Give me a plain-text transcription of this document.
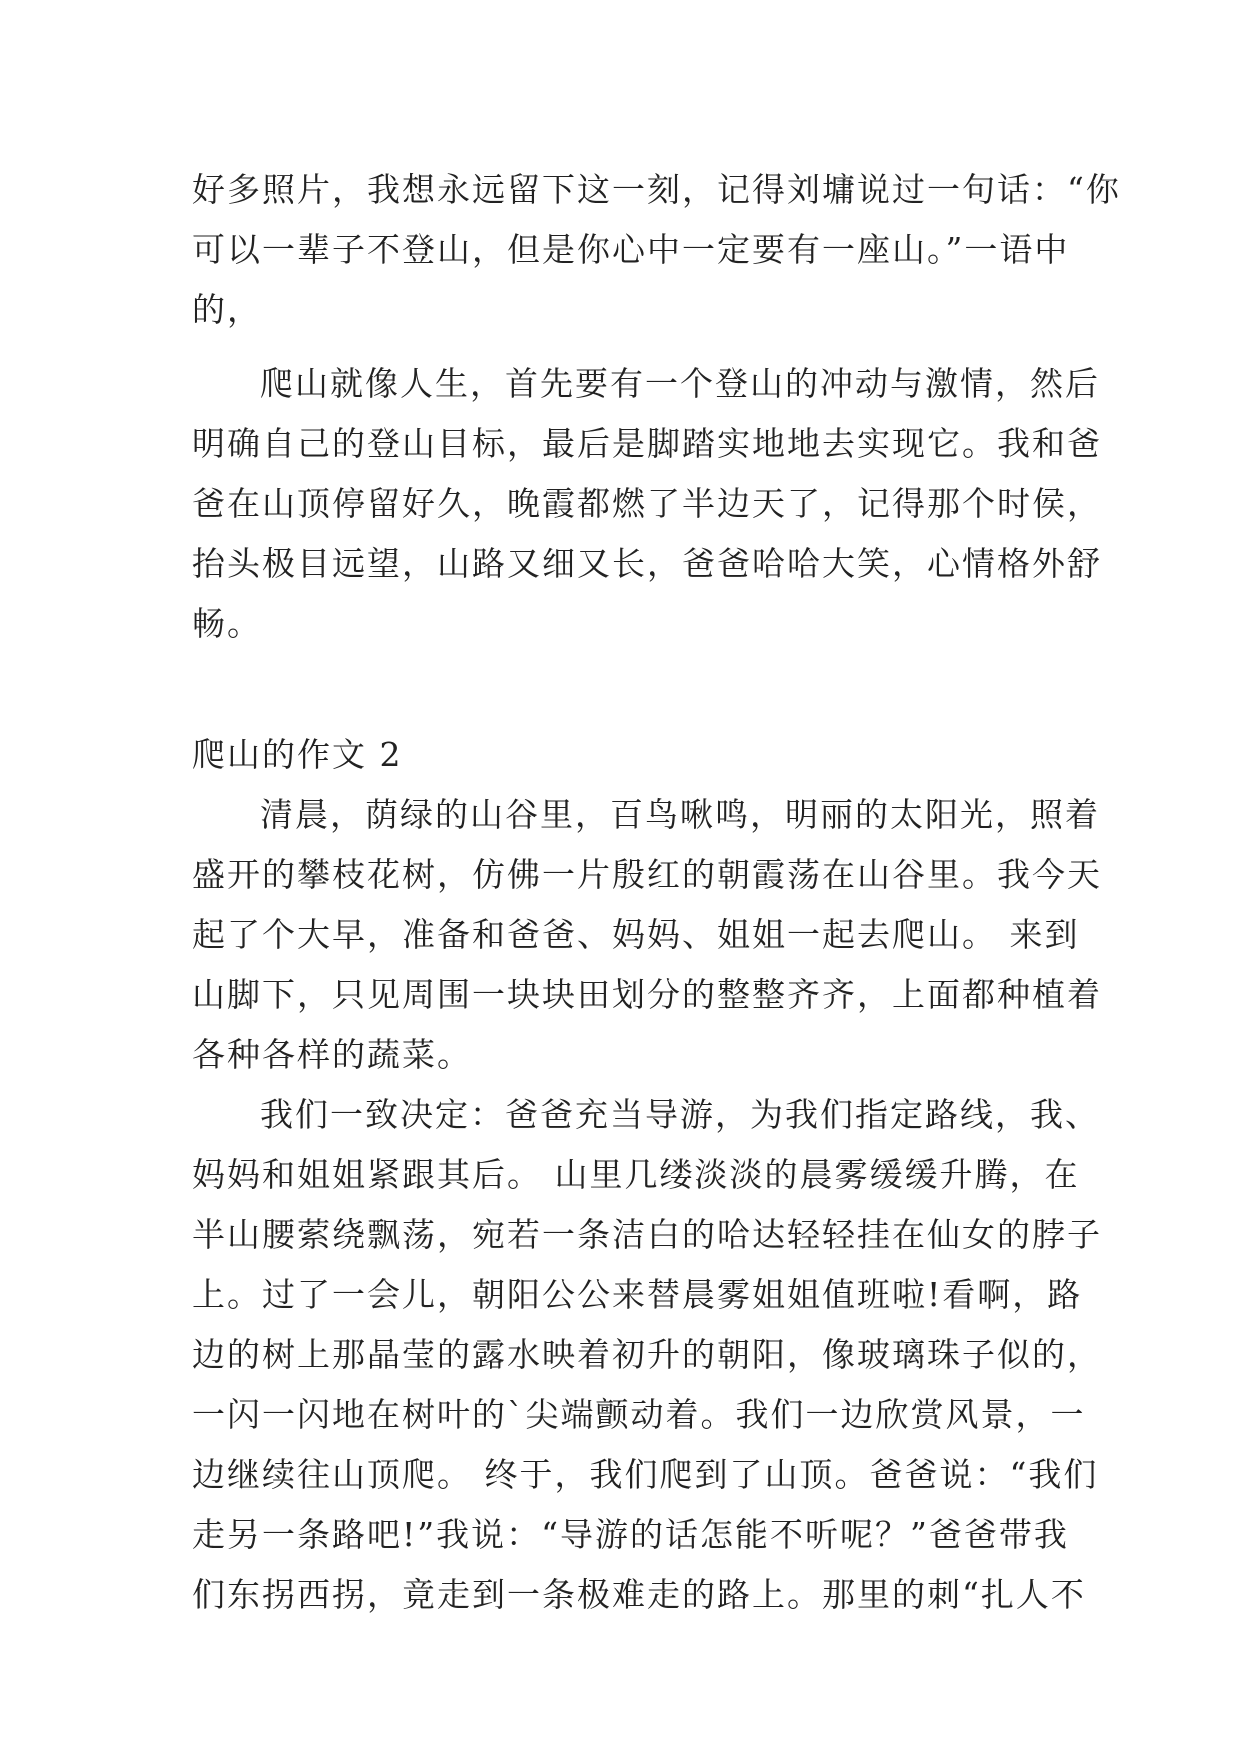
好多照片，我想永远留下这一刻，记得刘墉说过一句话：“你
可以一辈子不登山，但是你心中一定要有一座山。”一语中
的，
爬山就像人生，首先要有一个登山的冲动与激情，然后
明确自己的登山目标，最后是脚踏实地地去实现它。我和爸
爸在山顶停留好久，晚霞都燃了半边天了，记得那个时侯，
抬头极目远望，山路又细又长，爸爸哈哈大笑，心情格外舒
畅。
爬山的作文 2
清晨，荫绿的山谷里，百鸟啾鸣，明丽的太阳光，照着
盛开的攀枝花树，仿佛一片殷红的朝霞荡在山谷里。我今天
起了个大早，准备和爸爸、妈妈、姐姐一起去爬山。 来到
山脚下，只见周围一块块田划分的整整齐齐，上面都种植着
各种各样的蔬菜。
我们一致决定：爸爸充当导游，为我们指定路线，我、
妈妈和姐姐紧跟其后。 山里几缕淡淡的晨雾缓缓升腾，在
半山腰萦绕飘荡，宛若一条洁白的哈达轻轻挂在仙女的脖子
上。过了一会儿，朝阳公公来替晨雾姐姐值班啦!看啊，路
边的树上那晶莹的露水映着初升的朝阳，像玻璃珠子似的，
一闪一闪地在树叶的`尖端颤动着。我们一边欣赏风景，一
边继续往山顶爬。 终于，我们爬到了山顶。爸爸说：“我们
走另一条路吧!”我说：“导游的话怎能不听呢？”爸爸带我
们东拐西拐，竟走到一条极难走的路上。那里的刺“扎人不
